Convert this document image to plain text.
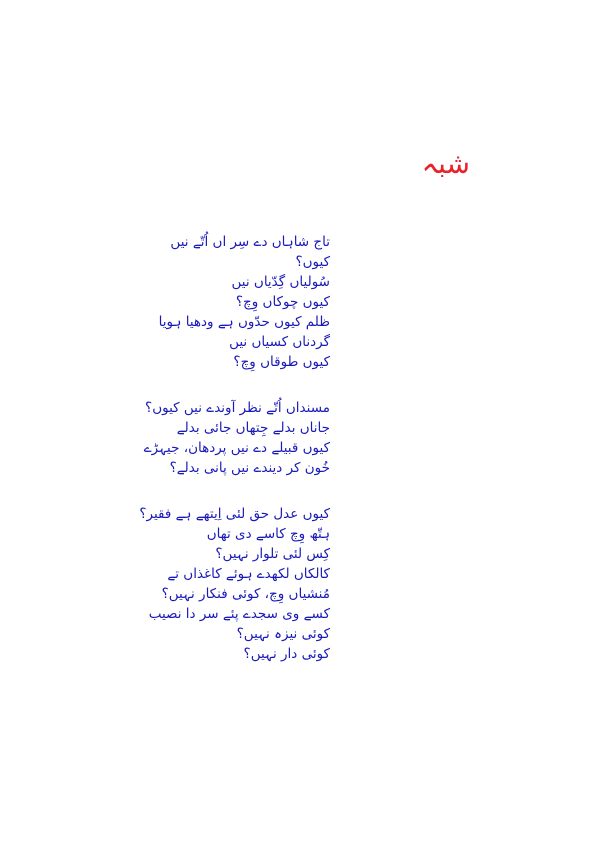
شبہ
تاج شاہاں دے سِر اں اُتّے نیں
کیوں؟
سُولیاں گِدّیاں نیں
کیوں چوکاں وِچ؟
ظلم کیوں حدّوں ہے ودھیا ہویا
گردناں کسیاں نیں
کیوں طوقاں وِچ؟
مسنداں اُتّے نظر آوندے نیں کیوں؟
جاناں بدلے جِتھاں جائی بدلے
کیوں قبیلے دے نیں پردھان، جیہڑے
خُون کر دیندے نیں پانی بدلے؟
کیوں عدل حق لئی اِیتھے ہے فقیر؟
ہتّھ وِچ کاسے دی تھاں
کِس لئی تلوار نہیں؟
کالکاں لکھدے ہوئے کاغذاں تے
مُنشیاں وِچ، کوئی فنکار نہیں؟
کسے وی سجدے پئے سر دا نصیب
کوئی نیزہ نہیں؟
کوئی دار نہیں؟
